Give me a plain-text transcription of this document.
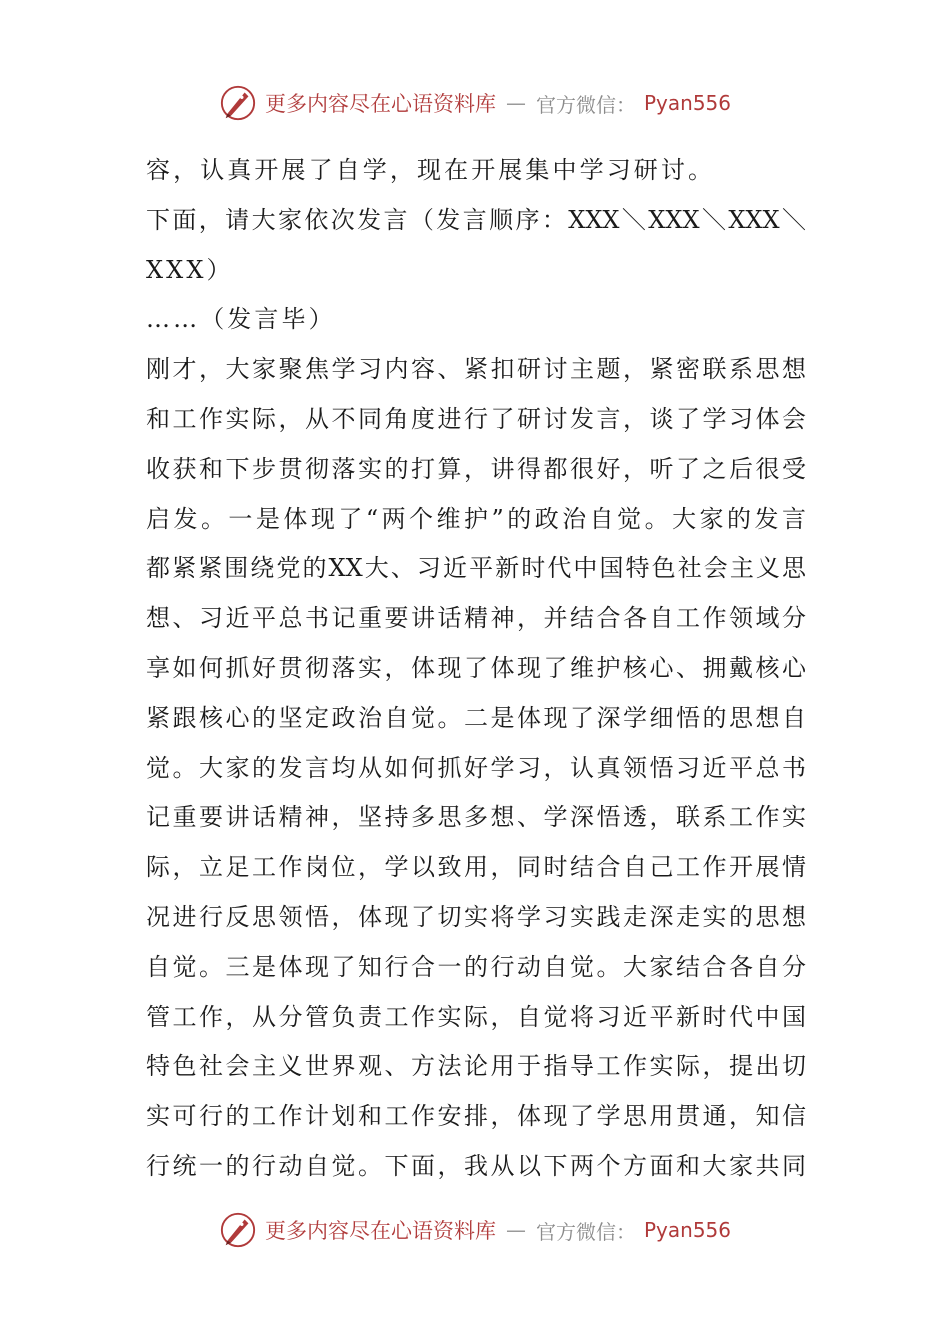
更多内容尽在心语资料库 — 官方微信： Pyan556
容，认真开展了自学，现在开展集中学习研讨。
下面，请大家依次发言（发言顺序：XXX＼XXX＼XXX＼
XXX）
……（发言毕）
刚才，大家聚焦学习内容、紧扣研讨主题，紧密联系思想
和工作实际，从不同角度进行了研讨发言，谈了学习体会
收获和下步贯彻落实的打算，讲得都很好，听了之后很受
启发。一是体现了“两个维护”的政治自觉。大家的发言
都紧紧围绕党的XX大、习近平新时代中国特色社会主义思
想、习近平总书记重要讲话精神，并结合各自工作领域分
享如何抓好贯彻落实，体现了体现了维护核心、拥戴核心
紧跟核心的坚定政治自觉。二是体现了深学细悟的思想自
觉。大家的发言均从如何抓好学习，认真领悟习近平总书
记重要讲话精神，坚持多思多想、学深悟透，联系工作实
际，立足工作岗位，学以致用，同时结合自己工作开展情
况进行反思领悟，体现了切实将学习实践走深走实的思想
自觉。三是体现了知行合一的行动自觉。大家结合各自分
管工作，从分管负责工作实际，自觉将习近平新时代中国
特色社会主义世界观、方法论用于指导工作实际，提出切
实可行的工作计划和工作安排，体现了学思用贯通，知信
行统一的行动自觉。下面，我从以下两个方面和大家共同
更多内容尽在心语资料库 — 官方微信： Pyan556
